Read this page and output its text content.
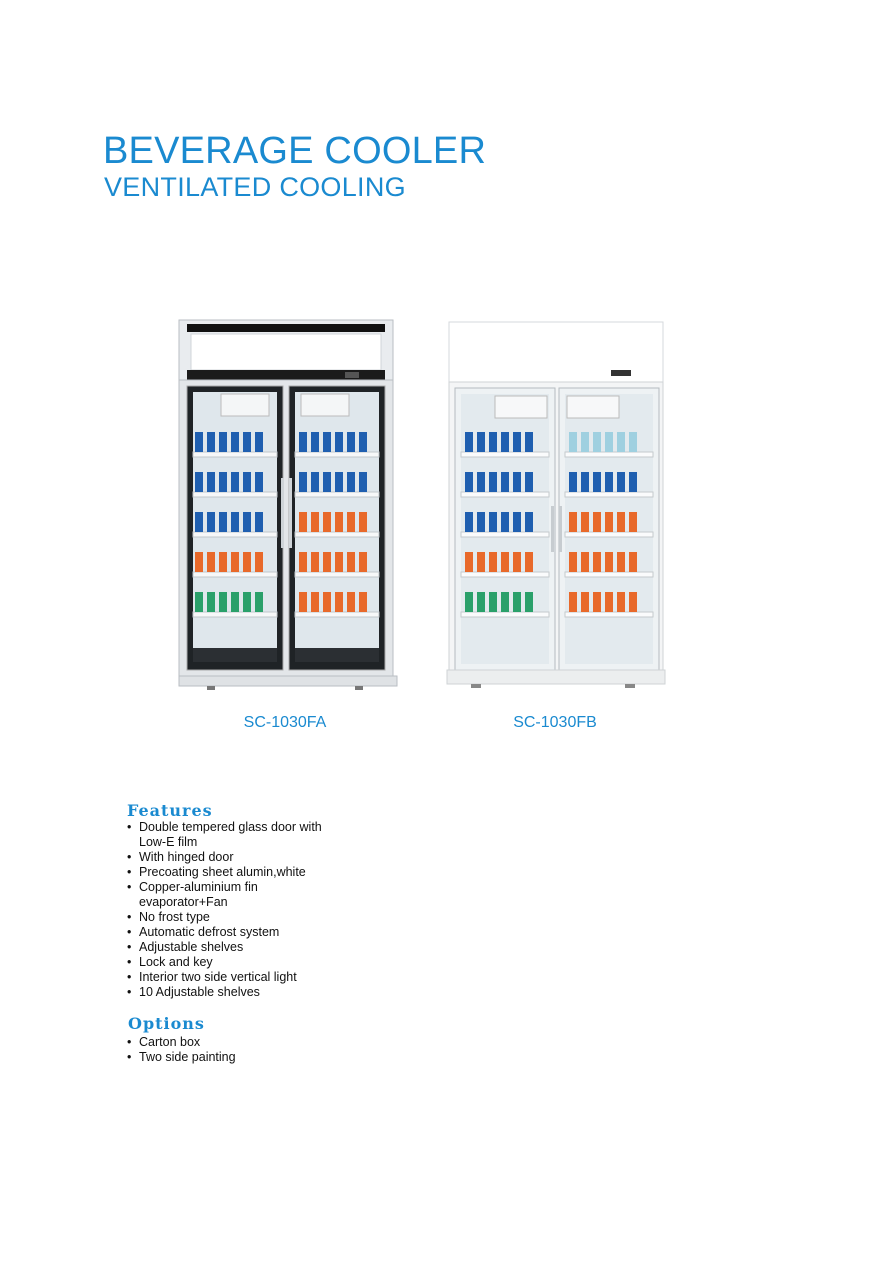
BEVERAGE COOLER
VENTILATED COOLING
SC-1030FA	SC-1030FB
Features
• Double tempered glass door with
Low-E film
• With hinged door
• Precoating sheet alumin,white
• Copper-aluminium fin
evaporator+Fan
• No frost type
• Automatic defrost system
• Adjustable shelves
• Lock and key
• Interior two side vertical light
• 10 Adjustable shelves
Options
• Carton box
• Two side painting
